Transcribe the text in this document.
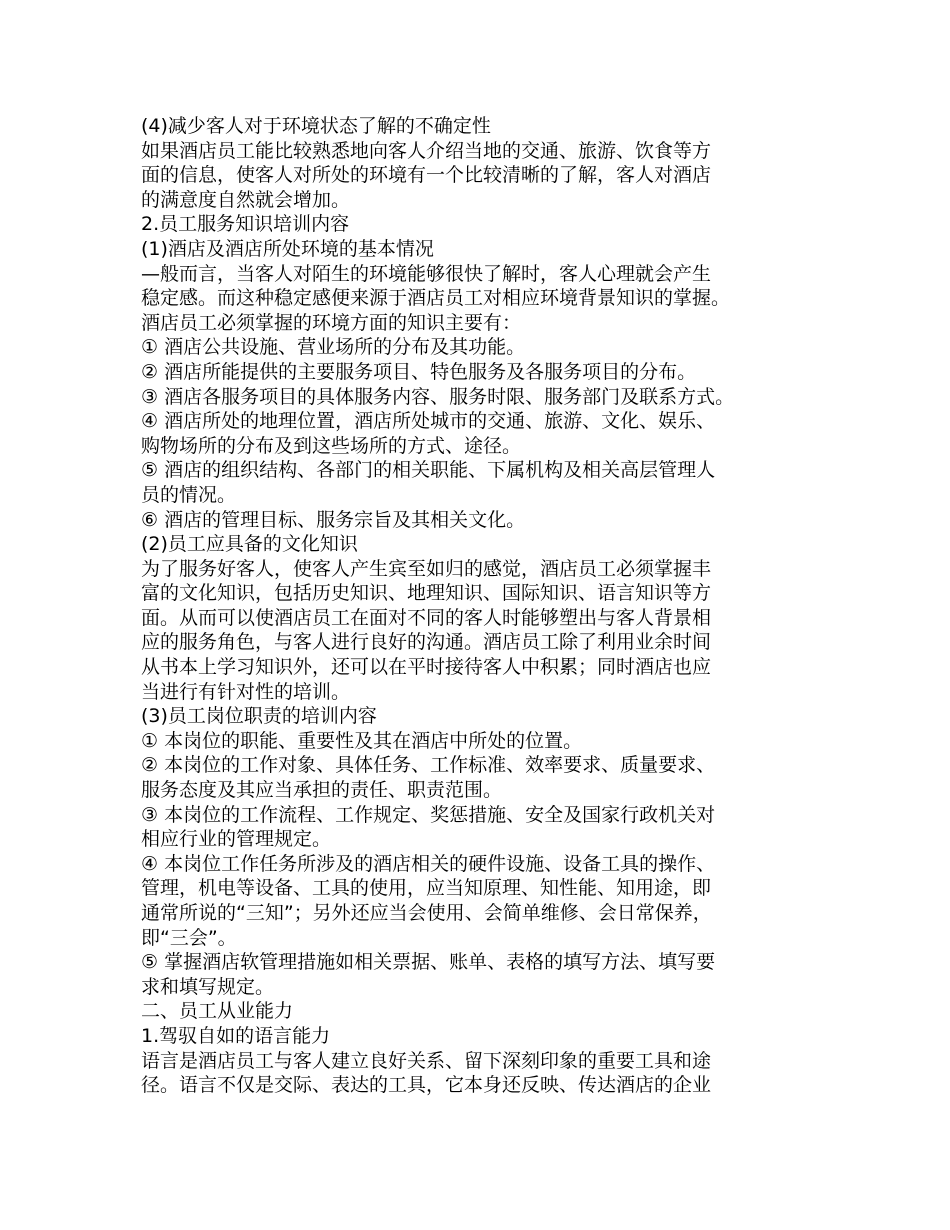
(4)减少客人对于环境状态了解的不确定性
如果酒店员工能比较熟悉地向客人介绍当地的交通、旅游、饮食等方
面的信息，使客人对所处的环境有一个比较清晰的了解，客人对酒店
的满意度自然就会增加。
2.员工服务知识培训内容
(1)酒店及酒店所处环境的基本情况
—般而言，当客人对陌生的环境能够很快了解时，客人心理就会产生
稳定感。而这种稳定感便来源于酒店员工对相应环境背景知识的掌握。
酒店员工必须掌握的环境方面的知识主要有：
① 酒店公共设施、营业场所的分布及其功能。
② 酒店所能提供的主要服务项目、特色服务及各服务项目的分布。
③ 酒店各服务项目的具体服务内容、服务时限、服务部门及联系方式。
④ 酒店所处的地理位置，酒店所处城市的交通、旅游、文化、娱乐、
购物场所的分布及到这些场所的方式、途径。
⑤ 酒店的组织结构、各部门的相关职能、下属机构及相关高层管理人
员的情况。
⑥ 酒店的管理目标、服务宗旨及其相关文化。
(2)员工应具备的文化知识
为了服务好客人，使客人产生宾至如归的感觉，酒店员工必须掌握丰
富的文化知识，包括历史知识、地理知识、国际知识、语言知识等方
面。从而可以使酒店员工在面对不同的客人时能够塑出与客人背景相
应的服务角色，与客人进行良好的沟通。酒店员工除了利用业余时间
从书本上学习知识外，还可以在平时接待客人中积累；同时酒店也应
当进行有针对性的培训。
(3)员工岗位职责的培训内容
① 本岗位的职能、重要性及其在酒店中所处的位置。
② 本岗位的工作对象、具体任务、工作标准、效率要求、质量要求、
服务态度及其应当承担的责任、职责范围。
③ 本岗位的工作流程、工作规定、奖惩措施、安全及国家行政机关对
相应行业的管理规定。
④ 本岗位工作任务所涉及的酒店相关的硬件设施、设备工具的操作、
管理，机电等设备、工具的使用，应当知原理、知性能、知用途，即
通常所说的“三知”；另外还应当会使用、会简单维修、会日常保养，
即“三会”。
⑤ 掌握酒店软管理措施如相关票据、账单、表格的填写方法、填写要
求和填写规定。
二、员工从业能力
1.驾驭自如的语言能力
语言是酒店员工与客人建立良好关系、留下深刻印象的重要工具和途
径。语言不仅是交际、表达的工具，它本身还反映、传达酒店的企业
